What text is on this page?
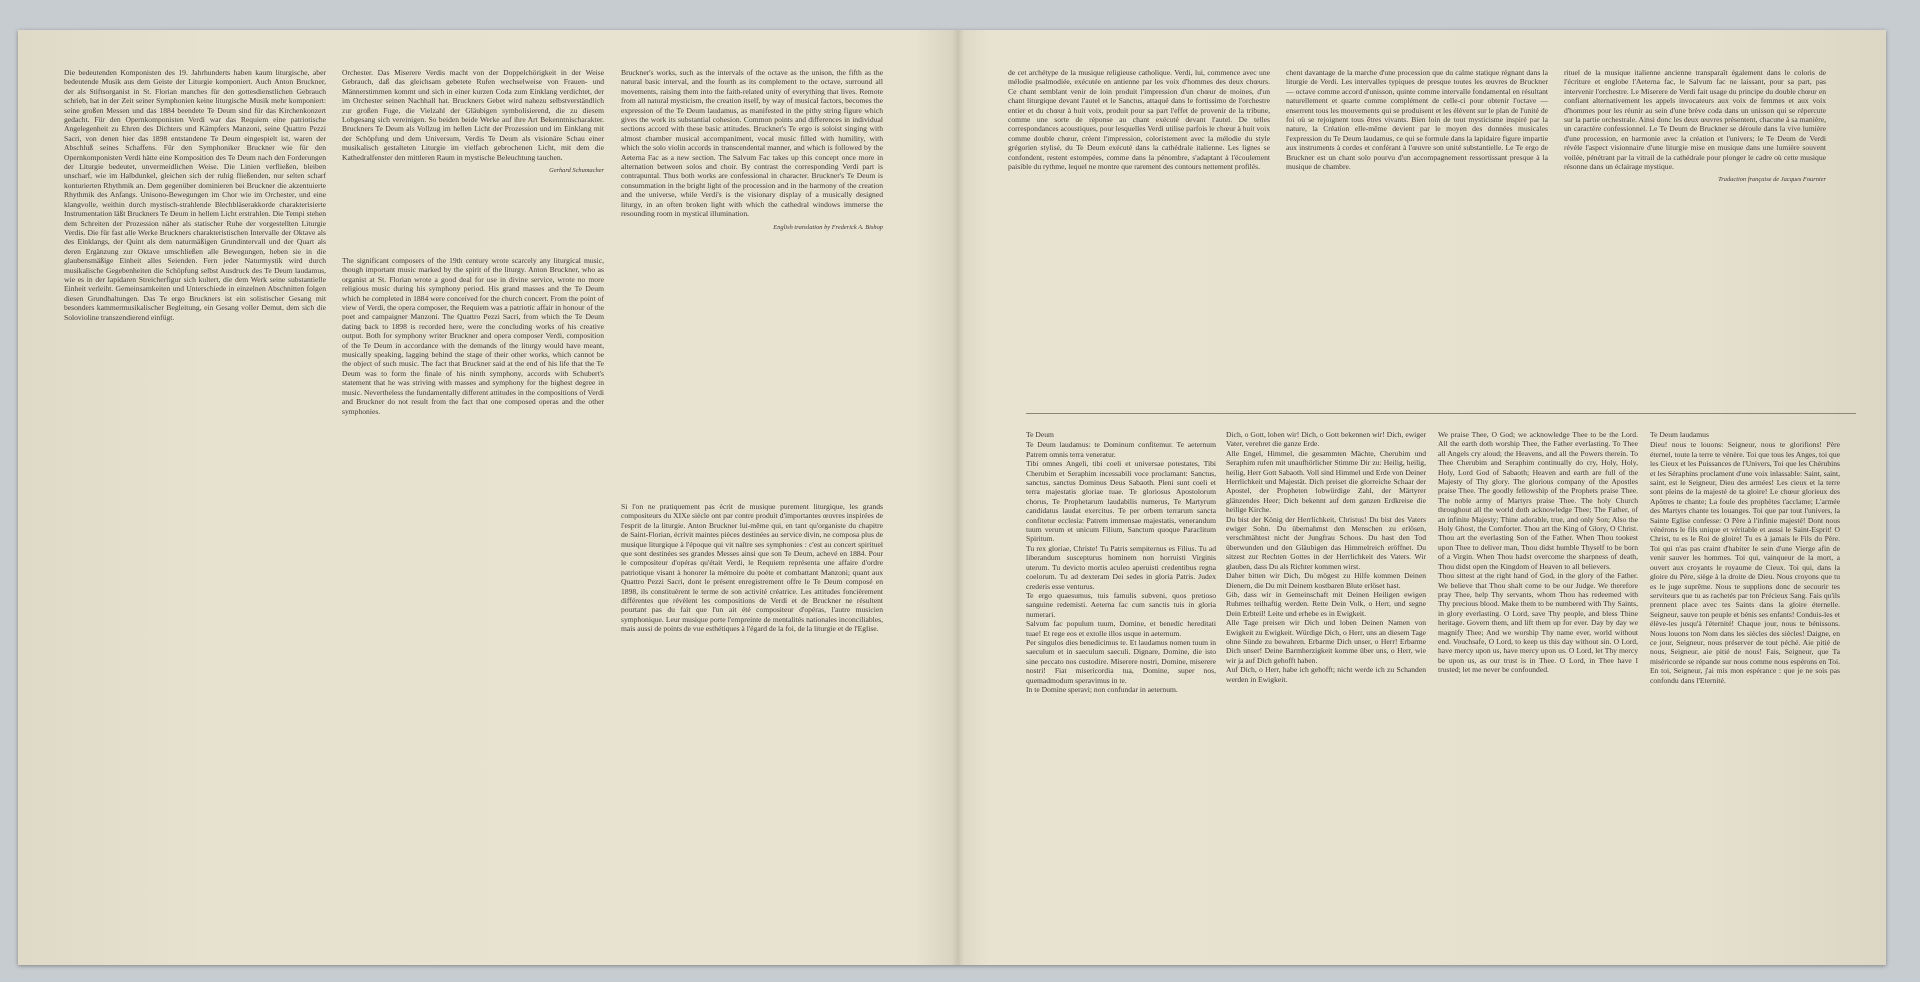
Die bedeutenden Komponisten des 19. Jahrhunderts haben kaum liturgische, aber bedeutende Musik aus dem Geiste der Liturgie komponiert. Auch Anton Bruckner, der als Stiftsorganist in St. Florian manches für den gottesdienstlichen Gebrauch schrieb, hat in der Zeit seiner Symphonien keine liturgische Musik mehr komponiert: seine großen Messen und das 1884 beendete Te Deum sind für das Kirchenkonzert gedacht. Für den Opernkomponisten Verdi war das Requiem eine patriotische Angelegenheit zu Ehren des Dichters und Kämpfers Manzoni, seine Quattro Pezzi Sacri, von denen hier das 1898 entstandene Te Deum eingespielt ist, waren der Abschluß seines Schaffens. Für den Symphoniker Bruckner wie für den Opernkomponisten Verdi hätte eine Komposition des Te Deum nach den Forderungen der Liturgie bedeutet, unvermeidlichen Weise. Die Linien verfließen, bleiben unscharf, wie im Halbdunkel, gleichen sich der ruhig fließenden, nur selten scharf konturierten Rhythmik an. Dem gegenüber dominieren bei Bruckner die akzentuierte Rhythmik des Anfangs. Unisono-Bewegungen im Chor wie im Orchester, und eine klangvolle, weithin durch mystisch-strahlende Blechbläserakkorde charakterisierte Instrumentation läßt Bruckners Te Deum in hellem Licht erstrahlen. Die Tempi stehen dem Schreiten der Prozession näher als statischer Ruhe der vorgestellten Liturgie Verdis. Die für fast alle Werke Bruckners charakteristischen Intervalle der Oktave als des Einklangs, der Quint als dem naturmäßigen Grundintervall und der Quart als deren Ergänzung zur Oktave umschließen alle Bewegungen, heben sie in die glaubensmäßige Einheit alles Seienden. Fern jeder Naturmystik wird durch musikalische Gegebenheiten die Schöpfung selbst Ausdruck des Te Deum laudamus, wie es in der lapidaren Streicherfigur sich kultert, die dem Werk seine substantielle Einheit verleiht. Gemeinsamkeiten und Unterschiede in einzelnen Abschnitten folgen diesen Grundhaltungen. Das Te ergo Bruckners ist ein solistischer Gesang mit besonders kammermusikalischer Begleitung, ein Gesang voller Demut, dem sich die Solovioline transzendierend einfügt.

Orchester. Das Miserere Verdis macht von der Doppelchörigkeit in der Weise Gebrauch, daß das gleichsam gebetete Rufen wechselweise von Frauen- und Männerstimmen kommt und sich in einer kurzen Coda zum Einklang verdichtet, der im Orchester seinen Nachhall hat. Bruckners Gebet wird nahezu selbstverständlich zur großen Fuge, die Vielzahl der Gläubigen symbolisierend, die zu diesem Lobgesang sich vereinigen. So beiden beide Werke auf ihre Art Bekenntnischarakter. Bruckners Te Deum als Vollzug im hellen Licht der Prozession und im Einklang mit der Schöpfung und dem Universum, Verdis Te Deum als visionäre Schau einer musikalisch gestalteten Liturgie im vielfach gebrochenen Licht, mit dem die Kathedralfenster den mittleren Raum in mystische Beleuchtung tauchen.

Gerhard Schumacher

The significant composers of the 19th century wrote scarcely any liturgical music, though important music marked by the spirit of the liturgy. Anton Bruckner, who as organist at St. Florian wrote a good deal for use in divine service, wrote no more religious music during his symphony period. His grand masses and the Te Deum which he completed in 1884 were conceived for the church concert. From the point of view of Verdi, the opera composer, the Requiem was a patriotic affair in honour of the poet and campaigner Manzoni. The Quattro Pezzi Sacri, from which the Te Deum dating back to 1898 is recorded here, were the concluding works of his creative output. Both for symphony writer Bruckner and opera composer Verdi, composition of the Te Deum in accordance with the demands of the liturgy would have meant, musically speaking, lagging behind the stage of their other works, which cannot be the object of such music. The fact that Bruckner said at the end of his life that the Te Deum was to form the finale of his ninth symphony, accords with Schubert's statement that he was striving with masses and symphony for the highest degree in music. Nevertheless the fundamentally different attitudes in the compositions of Verdi and Bruckner do not result from the fact that one composed operas and the other symphonies.

Bruckner's works, such as the intervals of the octave as the unison, the fifth as the natural basic interval, and the fourth as its complement to the octave, surround all movements, raising them into the faith-related unity of everything that lives. Remote from all natural mysticism, the creation itself, by way of musical factors, becomes the expression of the Te Deum laudamus, as manifested in the pithy string figure which gives the work its substantial cohesion. Common points and differences in individual sections accord with these basic attitudes. Bruckner's Te ergo is soloist singing with almost chamber musical accompaniment, vocal music filled with humility, with which the solo violin accords in transcendental manner, and which is followed by the Aeterna Fac as a new section. The Salvum Fac takes up this concept once more in alternation between solos and choir. By contrast the corresponding Verdi part is contrapuntal. Thus both works are confessional in character. Bruckner's Te Deum is consummation in the bright light of the procession and in the harmony of the creation and the universe, while Verdi's is the visionary display of a musically designed liturgy, in an often broken light with which the cathedral windows immerse the resounding room in mystical illumination.

English translation by Frederick A. Bishop

Si l'on ne pratiquement pas écrit de musique purement liturgique, les grands compositeurs du XIXe siècle ont par contre produit d'importantes œuvres inspirées de l'esprit de la liturgie. Anton Bruckner lui-même qui, en tant qu'organiste du chapitre de Saint-Florian, écrivit maintes pièces destinées au service divin, ne composa plus de musique liturgique à l'époque qui vit naître ses symphonies : c'est au concert spirituel que sont destinées ses grandes Messes ainsi que son Te Deum, achevé en 1884. Pour le compositeur d'opéras qu'était Verdi, le Requiem représenta une affaire d'ordre patriotique visant à honorer la mémoire du poète et combattant Manzoni; quant aux Quattro Pezzi Sacri, dont le présent enregistrement offre le Te Deum composé en 1898, ils constituèrent le terme de son activité créatrice. Les attitudes foncièrement différentes que révèlent les compositions de Verdi et de Bruckner ne résultent pourtant pas du fait que l'un ait été compositeur d'opéras, l'autre musicien symphonique. Leur musique porte l'empreinte de mentalités nationales inconciliables, mais aussi de points de vue esthétiques à l'égard de la foi, de la liturgie et de l'Eglise.

de cet archétype de la musique religieuse catholique. Verdi, lui, commence avec une mélodie psalmodiée, exécutée en antienne par les voix d'hommes des deux chœurs. Ce chant semblant venir de loin produit l'impression d'un chœur de moines, d'un chant liturgique devant l'autel et le Sanctus, attaqué dans le fortissimo de l'orchestre entier et du chœur à huit voix, produit pour sa part l'effet de provenir de la tribune, comme une sorte de réponse au chant exécuté devant l'autel. De telles correspondances acoustiques, pour lesquelles Verdi utilise parfois le chœur à huit voix comme double chœur, créent l'impression, coloristement avec la mélodie du style grégorien stylisé, du Te Deum exécuté dans la cathédrale italienne. Les lignes se confondent, restent estompées, comme dans la pénombre, s'adaptant à l'écoulement paisible du rythme, lequel ne montre que rarement des contours nettement profilés.

chent davantage de la marche d'une procession que du calme statique régnant dans la liturgie de Verdi. Les intervalles typiques de presque toutes les œuvres de Bruckner — octave comme accord d'unisson, quinte comme intervalle fondamental en résultant naturellement et quarte comme complément de celle-ci pour obtenir l'octave — enserrent tous les mouvements qui se produisent et les élèvent sur le plan de l'unité de foi où se rejoignent tous êtres vivants. Bien loin de tout mysticisme inspiré par la nature, la Création elle-même devient par le moyen des données musicales l'expression du Te Deum laudamus, ce qui se formule dans la lapidaire figure impartie aux instruments à cordes et conférant à l'œuvre son unité substantielle. Le Te ergo de Bruckner est un chant solo pourvu d'un accompagnement ressortissant presque à la musique de chambre.

rituel de la musique italienne ancienne transparaît également dans le coloris de l'écriture et englobe l'Aeterna fac, le Salvum fac ne laissant, pour sa part, pas intervenir l'orchestre. Le Miserere de Verdi fait usage du principe du double chœur en confiant alternativement les appels invocateurs aux voix de femmes et aux voix d'hommes pour les réunir au sein d'une brève coda dans un unisson qui se répercute sur la partie orchestrale. Ainsi donc les deux œuvres présentent, chacune à sa manière, un caractère confessionnel. Le Te Deum de Bruckner se déroule dans la vive lumière d'une procession, en harmonie avec la création et l'univers; le Te Deum de Verdi révèle l'aspect visionnaire d'une liturgie mise en musique dans une lumière souvent voilée, pénétrant par la vitrail de la cathédrale pour plonger le cadre où cette musique résonne dans un éclairage mystique.

Traduction française de Jacques Fournier
Te Deum
Te Deum laudamus: te Dominum confitemur. Te aeternum Patrem omnis terra veneratur.
Tibi omnes Angeli, tibi coeli et universae potestates, Tibi Cherubim et Seraphim incessabili voce proclamant: Sanctus, sanctus, sanctus Dominus Deus Sabaoth. Pleni sunt coeli et terra majestatis gloriae tuae. Te gloriosus Apostolorum chorus, Te Prophetarum laudabilis numerus, Te Martyrum candidatus laudat exercitus. Te per orbem terrarum sancta confitetur ecclesia: Patrem immensae majestatis, venerandum tuum verum et unicum Filium, Sanctum quoque Paraclitum Spiritum.
Tu rex gloriae, Christe! Tu Patris sempiternus es Filius. Tu ad liberandum suscepturus hominem non horruisti Virginis uterum. Tu devicto mortis aculeo aperuisti credentibus regna coelorum. Tu ad dexteram Dei sedes in gloria Patris. Judex crederis esse venturus.
Te ergo quaesumus, tuis famulis subveni, quos pretioso sanguine redemisti. Aeterna fac cum sanctis tuis in gloria numerari.
Salvum fac populum tuum, Domine, et benedic hereditati tuae! Et rege eos et extolle illos usque in aeternum.
Per singulos dies benedicimus te. Et laudamus nomen tuum in saeculum et in saeculum saeculi. Dignare, Domine, die isto sine peccato nos custodire. Miserere nostri, Domine, miserere nostri! Fiat misericordia tua, Domine, super nos, quemadmodum speravimus in te.
In te Domine speravi; non confundar in aeternum.
Dich, o Gott, loben wir! Dich, o Gott bekennen wir! Dich, ewiger Vater, verehret die ganze Erde.
Alle Engel, Himmel, die gesammten Mächte, Cherubim und Seraphim rufen mit unaufhörlicher Stimme Dir zu: Heilig, heilig, heilig, Herr Gott Sabaoth. Voll sind Himmel und Erde von Deiner Herrlichkeit und Majestät. Dich preiset die glorreiche Schaar der Apostel, der Propheten lobwürdige Zahl, der Märtyrer glänzendes Heer; Dich bekennt auf dem ganzen Erdkreise die heilige Kirche.
Du bist der König der Herrlichkeit, Christus! Du bist des Vaters ewiger Sohn. Du übernahmst den Menschen zu erlösen, verschmähtest nicht der Jungfrau Schoos. Du hast den Tod überwunden und den Gläubigen das Himmelreich eröffnet. Du sitzest zur Rechten Gottes in der Herrlichkeit des Vaters. Wir glauben, dass Du als Richter kommen wirst.
Daher bitten wir Dich, Du mögest zu Hilfe kommen Deinen Dienern, die Du mit Deinem kostbaren Blute erlöset hast.
Gib, dass wir in Gemeinschaft mit Deinen Heiligen ewigen Ruhmes teilhaftig werden. Rette Dein Volk, o Herr, und segne Dein Erbteil! Leite und erhebe es in Ewigkeit.
Alle Tage preisen wir Dich und loben Deinen Namen von Ewigkeit zu Ewigkeit. Würdige Dich, o Herr, uns an diesem Tage ohne Sünde zu bewahren. Erbarme Dich unser, o Herr! Erbarme Dich unser! Deine Barmherzigkeit komme über uns, o Herr, wie wir ja auf Dich gehofft haben.
Auf Dich, o Herr, habe ich gehofft; nicht werde ich zu Schanden werden in Ewigkeit.
We praise Thee, O God; we acknowledge Thee to be the Lord. All the earth doth worship Thee, the Father everlasting. To Thee all Angels cry aloud; the Heavens, and all the Powers therein. To Thee Cherubim and Seraphim continually do cry, Holy, Holy, Holy, Lord God of Sabaoth; Heaven and earth are full of the Majesty of Thy glory. The glorious company of the Apostles praise Thee. The goodly fellowship of the Prophets praise Thee. The noble army of Martyrs praise Thee. The holy Church throughout all the world doth acknowledge Thee; The Father, of an infinite Majesty; Thine adorable, true, and only Son; Also the Holy Ghost, the Comforter. Thou art the King of Glory, O Christ. Thou art the everlasting Son of the Father. When Thou tookest upon Thee to deliver man, Thou didst humble Thyself to be born of a Virgin. When Thou hadst overcome the sharpness of death, Thou didst open the Kingdom of Heaven to all believers.
Thou sittest at the right hand of God, in the glory of the Father. We believe that Thou shalt come to be our Judge. We therefore pray Thee, help Thy servants, whom Thou has redeemed with Thy precious blood. Make them to be numbered with Thy Saints, in glory everlasting. O Lord, save Thy people, and bless Thine heritage. Govern them, and lift them up for ever. Day by day we magnify Thee; And we worship Thy name ever, world without end. Vouchsafe, O Lord, to keep us this day without sin. O Lord, have mercy upon us, have mercy upon us. O Lord, let Thy mercy be upon us, as our trust is in Thee. O Lord, in Thee have I trusted; let me never be confounded.
Te Deum laudamus
Dieu! nous te louons: Seigneur, nous te glorifions! Père éternel, toute la terre te vénère. Toi que tous les Anges, toi que les Cieux et les Puissances de l'Univers, Toi que les Chérubins et les Séraphins proclament d'une voix inlassable: Saint, saint, saint, est le Seigneur, Dieu des armées! Les cieux et la terre sont pleins de la majesté de ta gloire! Le chœur glorieux des Apôtres te chante; La foule des prophètes t'acclame; L'armée des Martyrs chante tes louanges. Toi que par tout l'univers, la Sainte Eglise confesse: O Père à l'infinie majesté! Dont nous vénérons le fils unique et véritable et aussi le Saint-Esprit! O Christ, tu es le Roi de gloire! Tu es à jamais le Fils du Père. Toi qui n'as pas craint d'habiter le sein d'une Vierge afin de venir sauver les hommes. Toi qui, vainqueur de la mort, a ouvert aux croyants le royaume de Cieux. Toi qui, dans la gloire du Père, siège à la droite de Dieu. Nous croyons que tu es le juge suprême. Nous te supplions donc de secourir tes serviteurs que tu as rachetés par ton Précieux Sang. Fais qu'ils prennent place avec tes Saints dans la gloire éternelle. Seigneur, sauve ton peuple et bénis ses enfants! Conduis-les et élève-les jusqu'à l'éternité! Chaque jour, nous te bénissons. Nous louons ton Nom dans les siècles des siècles! Daigne, en ce jour, Seigneur, nous préserver de tout péché. Aie pitié de nous, Seigneur, aie pitié de nous! Fais, Seigneur, que Ta miséricorde se répande sur nous comme nous espérons en Toi. En toi, Seigneur, j'ai mis mon espérance : que je ne sois pas confondu dans l'Eternité.
